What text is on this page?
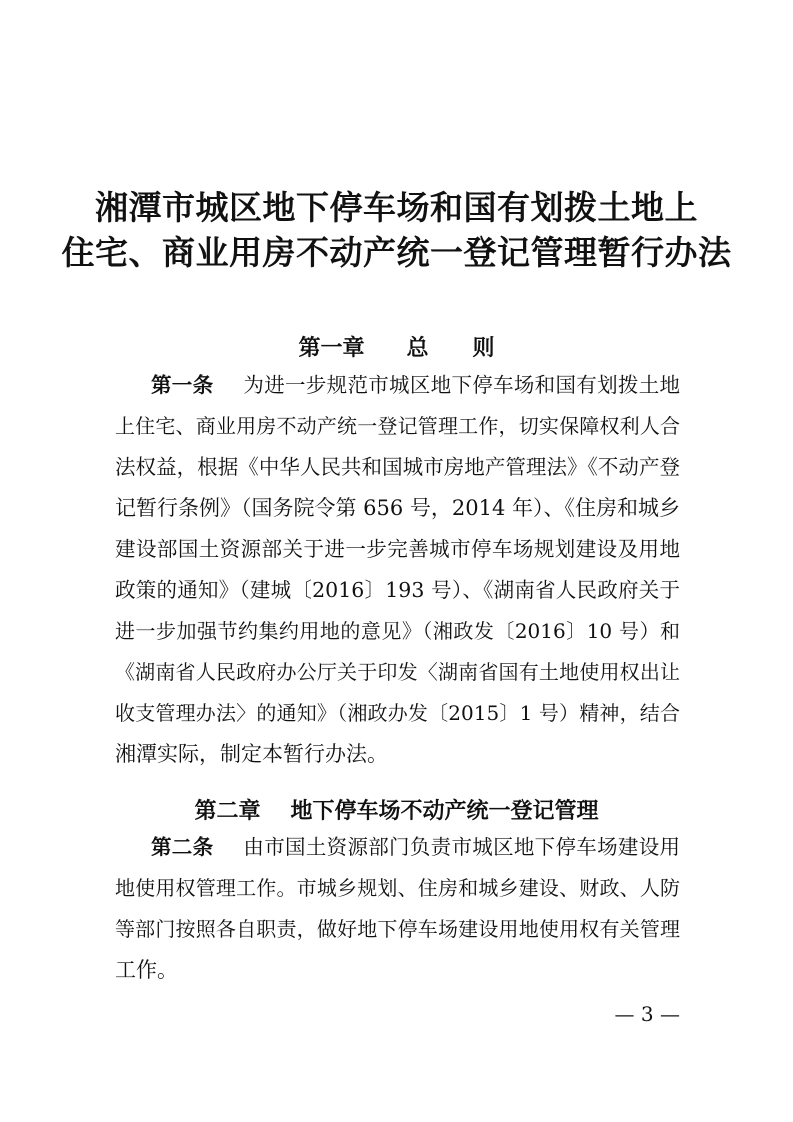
湘潭市城区地下停车场和国有划拨土地上
住宅、商业用房不动产统一登记管理暂行办法
第一章 总　　则
第一条 为进一步规范市城区地下停车场和国有划拨土地
上住宅、商业用房不动产统一登记管理工作，切实保障权利人合
法权益，根据《中华人民共和国城市房地产管理法》《不动产登
记暂行条例》（国务院令第 656 号，2014 年）、《住房和城乡
建设部国土资源部关于进一步完善城市停车场规划建设及用地
政策的通知》（建城〔2016〕193 号）、《湖南省人民政府关于
进一步加强节约集约用地的意见》（湘政发〔2016〕10 号）和
《湖南省人民政府办公厅关于印发〈湖南省国有土地使用权出让
收支管理办法〉的通知》（湘政办发〔2015〕1 号）精神，结合
湘潭实际，制定本暂行办法。
第二章 地下停车场不动产统一登记管理
第二条 由市国土资源部门负责市城区地下停车场建设用
地使用权管理工作。市城乡规划、住房和城乡建设、财政、人防
等部门按照各自职责，做好地下停车场建设用地使用权有关管理
工作。
— 3 —
